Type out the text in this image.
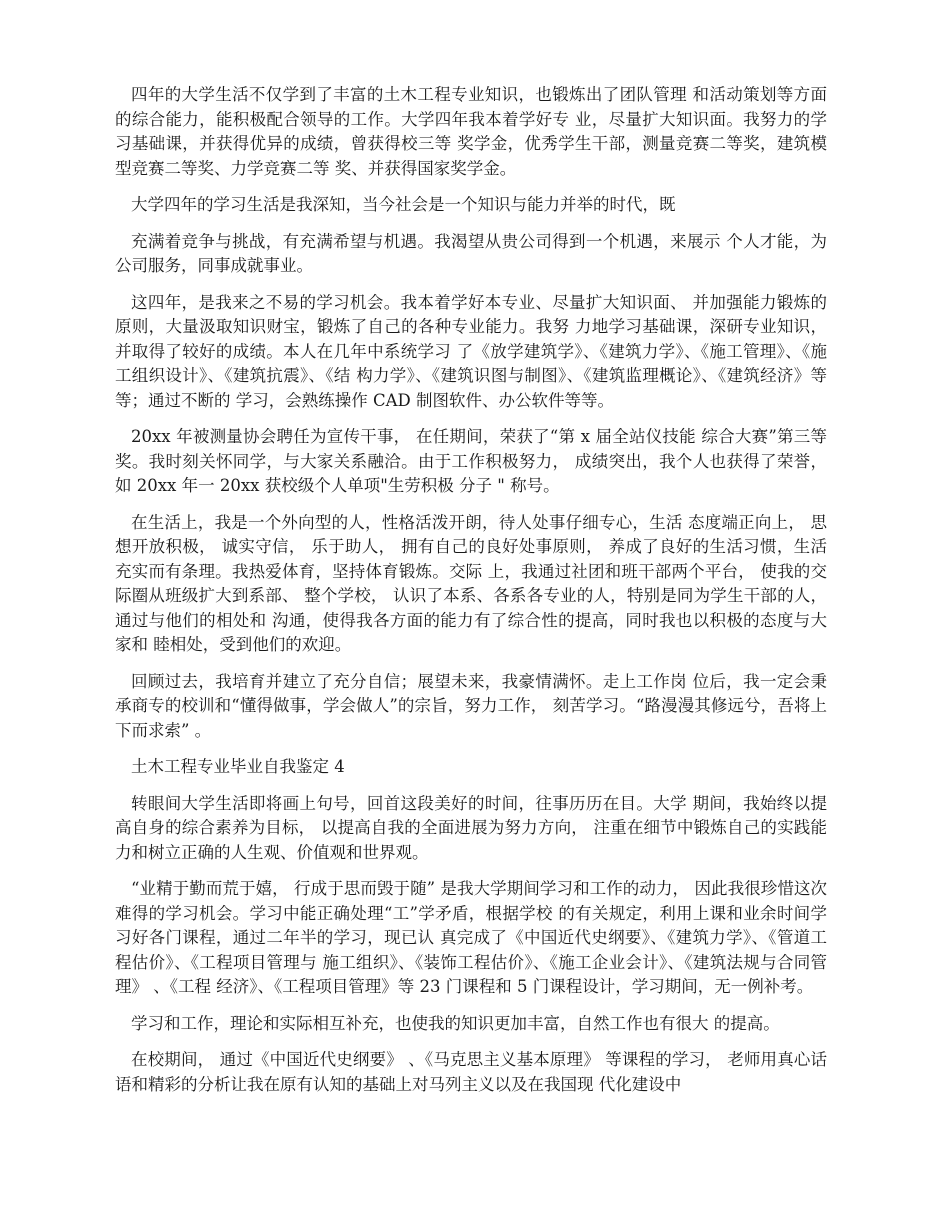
四年的大学生活不仅学到了丰富的土木工程专业知识，也锻炼出了团队管理 和活动策划等方面的综合能力，能积极配合领导的工作。大学四年我本着学好专 业，尽量扩大知识面。我努力的学习基础课，并获得优异的成绩，曾获得校三等 奖学金，优秀学生干部，测量竞赛二等奖，建筑模型竞赛二等奖、力学竞赛二等 奖、并获得国家奖学金。

大学四年的学习生活是我深知，当今社会是一个知识与能力并举的时代，既

充满着竞争与挑战，有充满希望与机遇。我渴望从贵公司得到一个机遇，来展示 个人才能，为公司服务，同事成就事业。

这四年，是我来之不易的学习机会。我本着学好本专业、尽量扩大知识面、 并加强能力锻炼的原则，大量汲取知识财宝，锻炼了自己的各种专业能力。我努 力地学习基础课，深研专业知识，并取得了较好的成绩。本人在几年中系统学习 了《放学建筑学》、《建筑力学》、《施工管理》、《施工组织设计》、《建筑抗震》、《结 构力学》、《建筑识图与制图》、《建筑监理概论》、《建筑经济》等等；通过不断的 学习，会熟练操作 CAD 制图软件、办公软件等等。

20xx 年被测量协会聘任为宣传干事， 在任期间，荣获了“第 x 届全站仪技能 综合大赛”第三等奖。我时刻关怀同学，与大家关系融洽。由于工作积极努力， 成绩突出，我个人也获得了荣誉，如 20xx 年一 20xx 获校级个人单项"生劳积极 分子 " 称号。

在生活上，我是一个外向型的人，性格活泼开朗，待人处事仔细专心，生活 态度端正向上， 思想开放积极， 诚实守信， 乐于助人， 拥有自己的良好处事原则， 养成了良好的生活习惯，生活充实而有条理。我热爱体育，坚持体育锻炼。交际 上，我通过社团和班干部两个平台， 使我的交际圈从班级扩大到系部、 整个学校， 认识了本系、各系各专业的人，特别是同为学生干部的人，通过与他们的相处和 沟通，使得我各方面的能力有了综合性的提高，同时我也以积极的态度与大家和 睦相处，受到他们的欢迎。

回顾过去，我培育并建立了充分自信；展望未来，我豪情满怀。走上工作岗 位后，我一定会秉承商专的校训和“懂得做事，学会做人”的宗旨，努力工作， 刻苦学习。“路漫漫其修远兮，吾将上下而求索” 。

土木工程专业毕业自我鉴定 4

转眼间大学生活即将画上句号，回首这段美好的时间，往事历历在目。大学 期间，我始终以提高自身的综合素养为目标， 以提高自我的全面进展为努力方向， 注重在细节中锻炼自己的实践能力和树立正确的人生观、价值观和世界观。

“业精于勤而荒于嬉， 行成于思而毁于随” 是我大学期间学习和工作的动力， 因此我很珍惜这次难得的学习机会。学习中能正确处理“工”学矛盾，根据学校 的有关规定，利用上课和业余时间学习好各门课程，通过二年半的学习，现已认 真完成了《中国近代史纲要》、《建筑力学》、《管道工程估价》、《工程项目管理与 施工组织》、《装饰工程估价》、《施工企业会计》、《建筑法规与合同管理》 、《工程 经济》、《工程项目管理》等 23 门课程和 5 门课程设计，学习期间，无一例补考。

学习和工作，理论和实际相互补充，也使我的知识更加丰富，自然工作也有很大 的提高。

在校期间， 通过《中国近代史纲要》 、《马克思主义基本原理》 等课程的学习， 老师用真心话语和精彩的分析让我在原有认知的基础上对马列主义以及在我国现 代化建设中
